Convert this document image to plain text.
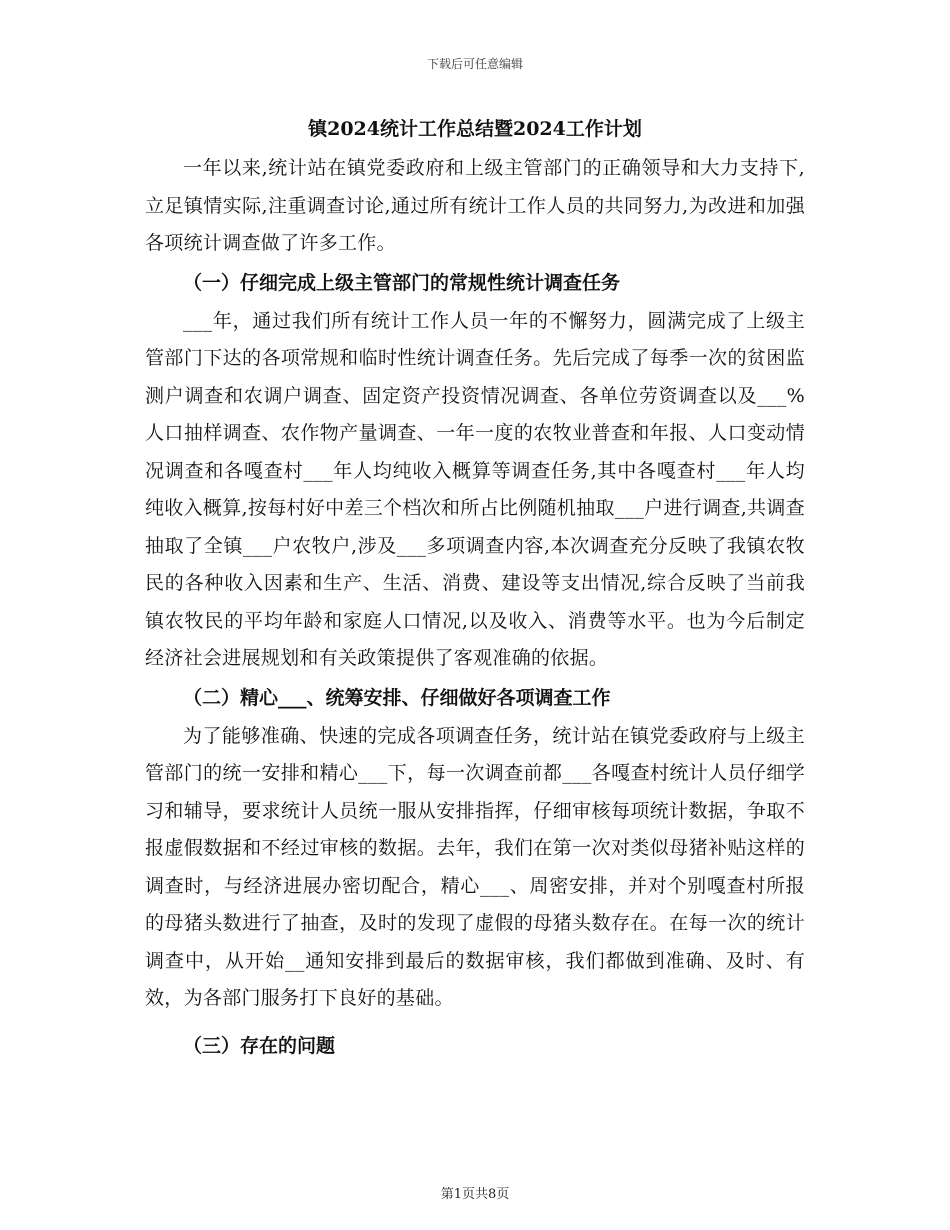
下载后可任意编辑
镇2024统计工作总结暨2024工作计划

一年以来,统计站在镇党委政府和上级主管部门的正确领导和大力支持下,立足镇情实际,注重调查讨论,通过所有统计工作人员的共同努力,为改进和加强各项统计调查做了许多工作。

（一）仔细完成上级主管部门的常规性统计调查任务

___年，通过我们所有统计工作人员一年的不懈努力，圆满完成了上级主管部门下达的各项常规和临时性统计调查任务。先后完成了每季一次的贫困监测户调查和农调户调查、固定资产投资情况调查、各单位劳资调查以及___%人口抽样调查、农作物产量调查、一年一度的农牧业普查和年报、人口变动情况调查和各嘎查村___年人均纯收入概算等调查任务,其中各嘎查村___年人均纯收入概算,按每村好中差三个档次和所占比例随机抽取___户进行调查,共调查抽取了全镇___户农牧户,涉及___多项调查内容,本次调查充分反映了我镇农牧民的各种收入因素和生产、生活、消费、建设等支出情况,综合反映了当前我镇农牧民的平均年龄和家庭人口情况,以及收入、消费等水平。也为今后制定经济社会进展规划和有关政策提供了客观准确的依据。

（二）精心___、统筹安排、仔细做好各项调查工作

为了能够准确、快速的完成各项调查任务，统计站在镇党委政府与上级主管部门的统一安排和精心___下，每一次调查前都___各嘎查村统计人员仔细学习和辅导，要求统计人员统一服从安排指挥，仔细审核每项统计数据，争取不报虚假数据和不经过审核的数据。去年，我们在第一次对类似母猪补贴这样的调查时，与经济进展办密切配合，精心___、周密安排，并对个别嘎查村所报的母猪头数进行了抽查，及时的发现了虚假的母猪头数存在。在每一次的统计调查中，从开始__通知安排到最后的数据审核，我们都做到准确、及时、有效，为各部门服务打下良好的基础。

（三）存在的问题
第1页共8页
